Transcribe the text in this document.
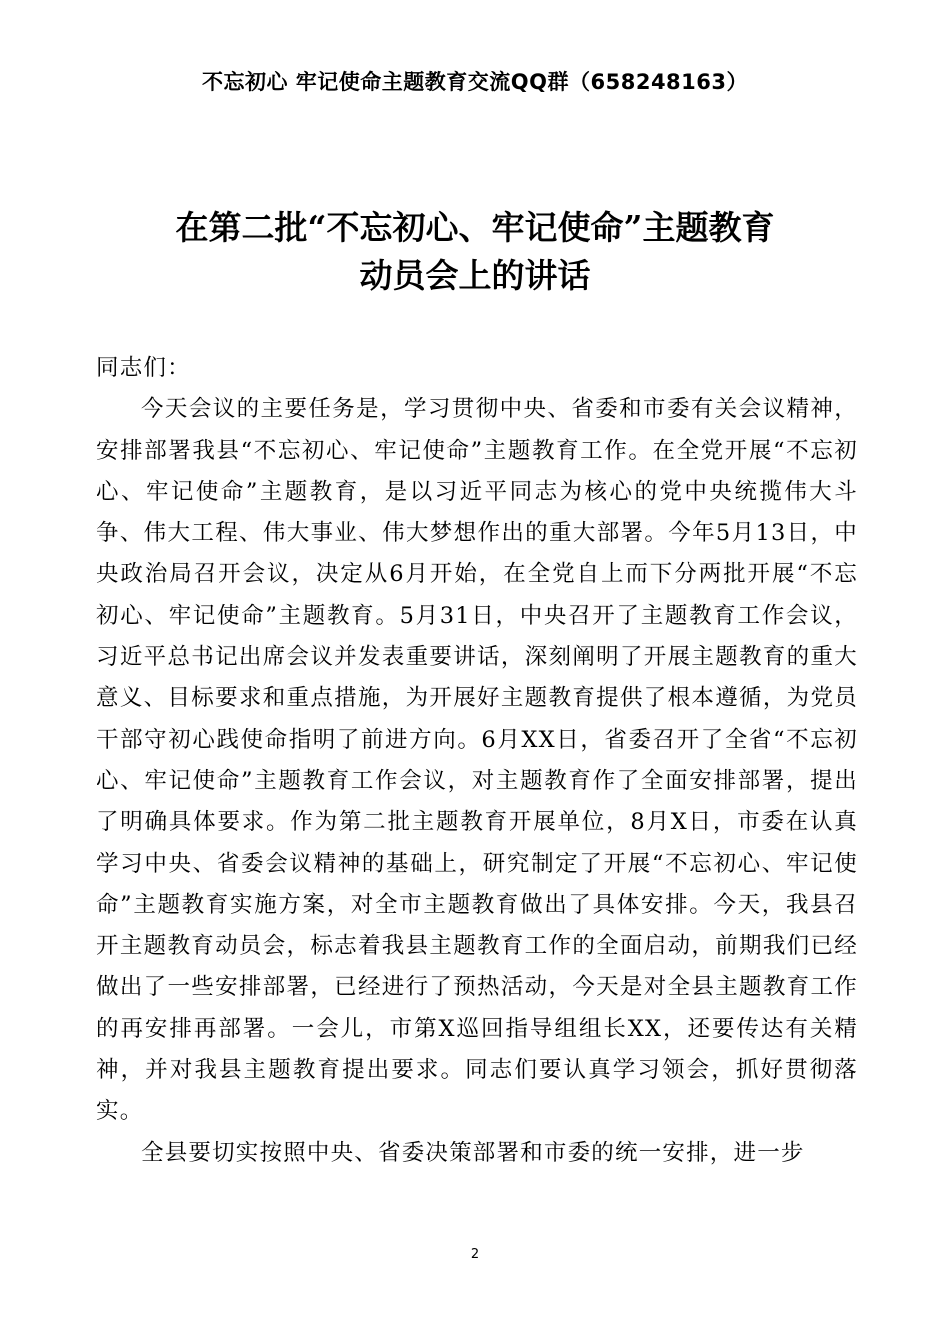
不忘初心 牢记使命主题教育交流QQ群（658248163）
在第二批“不忘初心、牢记使命”主题教育
动员会上的讲话

同志们：

今天会议的主要任务是，学习贯彻中央、省委和市委有关会议精神，安排部署我县“不忘初心、牢记使命”主题教育工作。在全党开展“不忘初心、牢记使命”主题教育，是以习近平同志为核心的党中央统揽伟大斗争、伟大工程、伟大事业、伟大梦想作出的重大部署。今年5月13日，中央政治局召开会议，决定从6月开始，在全党自上而下分两批开展“不忘初心、牢记使命”主题教育。5月31日，中央召开了主题教育工作会议，习近平总书记出席会议并发表重要讲话，深刻阐明了开展主题教育的重大意义、目标要求和重点措施，为开展好主题教育提供了根本遵循，为党员干部守初心践使命指明了前进方向。6月XX日，省委召开了全省“不忘初心、牢记使命”主题教育工作会议，对主题教育作了全面安排部署，提出了明确具体要求。作为第二批主题教育开展单位，8月X日，市委在认真学习中央、省委会议精神的基础上，研究制定了开展“不忘初心、牢记使命”主题教育实施方案，对全市主题教育做出了具体安排。今天，我县召开主题教育动员会，标志着我县主题教育工作的全面启动，前期我们已经做出了一些安排部署，已经进行了预热活动，今天是对全县主题教育工作的再安排再部署。一会儿，市第X巡回指导组组长XX，还要传达有关精神，并对我县主题教育提出要求。同志们要认真学习领会，抓好贯彻落实。

全县要切实按照中央、省委决策部署和市委的统一安排，进一步

2
